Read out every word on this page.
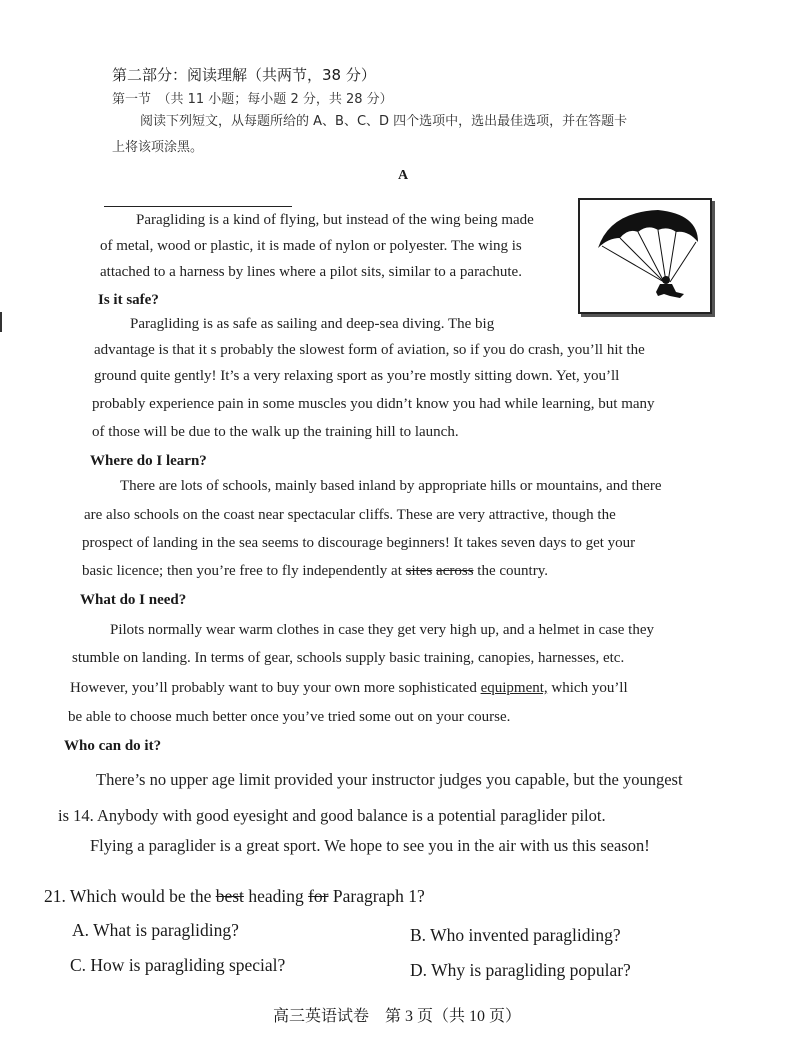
第二部分：阅读理解（共两节，38 分）
第一节　（共 11 小题；每小题 2 分，共 28 分）
阅读下列短文，从每题所给的 A、B、C、D 四个选项中，选出最佳选项，并在答题卡
上将该项涂黑。
A
Paragliding is a kind of flying, but instead of the wing being made
of metal, wood or plastic, it is made of nylon or polyester. The wing is
attached to a harness by lines where a pilot sits, similar to a parachute.
Is it safe?
Paragliding is as safe as sailing and deep-sea diving. The big
advantage is that it s probably the slowest form of aviation, so if you do crash, you’ll hit the
ground quite gently! It’s a very relaxing sport as you’re mostly sitting down. Yet, you’ll
probably experience pain in some muscles you didn’t know you had while learning, but many
of those will be due to the walk up the training hill to launch.
Where do I learn?
There are lots of schools, mainly based inland by appropriate hills or mountains, and there
are also schools on the coast near spectacular cliffs. These are very attractive, though the
prospect of landing in the sea seems to discourage beginners! It takes seven days to get your
basic licence; then you’re free to fly independently at sites across the country.
What do I need?
Pilots normally wear warm clothes in case they get very high up, and a helmet in case they
stumble on landing. In terms of gear, schools supply basic training, canopies, harnesses, etc.
However, you’ll probably want to buy your own more sophisticated equipment, which you’ll
be able to choose much better once you’ve tried some out on your course.
Who can do it?
There’s no upper age limit provided your instructor judges you capable, but the youngest
is 14. Anybody with good eyesight and good balance is a potential paraglider pilot.
Flying a paraglider is a great sport. We hope to see you in the air with us this season!
21. Which would be the best heading for Paragraph 1?
A. What is paragliding?	B. Who invented paragliding?
C. How is paragliding special?	D. Why is paragliding popular?
高三英语试卷　第 3 页（共 10 页）
